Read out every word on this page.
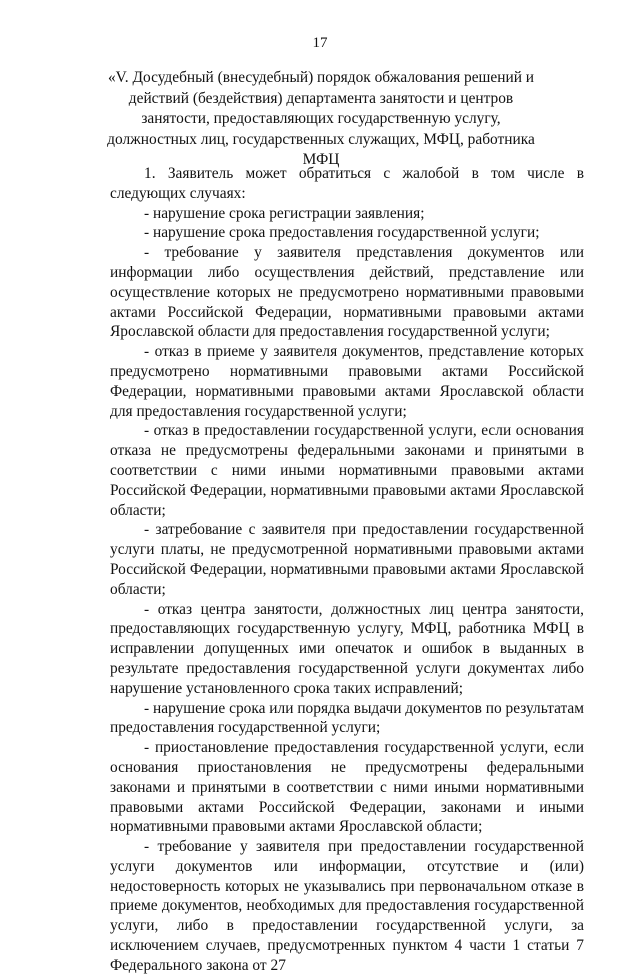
17
«V. Досудебный (внесудебный) порядок обжалования решений и действий (бездействия) департамента занятости и центров занятости, предоставляющих государственную услугу, должностных лиц, государственных служащих, МФЦ, работника МФЦ

1. Заявитель может обратиться с жалобой в том числе в следующих случаях:

- нарушение срока регистрации заявления;

- нарушение срока предоставления государственной услуги;

- требование у заявителя представления документов или информации либо осуществления действий, представление или осуществление которых не предусмотрено нормативными правовыми актами Российской Федерации, нормативными правовыми актами Ярославской области для предоставления государственной услуги;

- отказ в приеме у заявителя документов, представление которых предусмотрено нормативными правовыми актами Российской Федерации, нормативными правовыми актами Ярославской области для предоставления государственной услуги;

- отказ в предоставлении государственной услуги, если основания отказа не предусмотрены федеральными законами и принятыми в соответствии с ними иными нормативными правовыми актами Российской Федерации, нормативными правовыми актами Ярославской области;

- затребование с заявителя при предоставлении государственной услуги платы, не предусмотренной нормативными правовыми актами Российской Федерации, нормативными правовыми актами Ярославской области;

- отказ центра занятости, должностных лиц центра занятости, предоставляющих государственную услугу, МФЦ, работника МФЦ в исправлении допущенных ими опечаток и ошибок в выданных в результате предоставления государственной услуги документах либо нарушение установленного срока таких исправлений;

- нарушение срока или порядка выдачи документов по результатам предоставления государственной услуги;

- приостановление предоставления государственной услуги, если основания приостановления не предусмотрены федеральными законами и принятыми в соответствии с ними иными нормативными правовыми актами Российской Федерации, законами и иными нормативными правовыми актами Ярославской области;

- требование у заявителя при предоставлении государственной услуги документов или информации, отсутствие и (или) недостоверность которых не указывались при первоначальном отказе в приеме документов, необходимых для предоставления государственной услуги, либо в предоставлении государственной услуги, за исключением случаев, предусмотренных пунктом 4 части 1 статьи 7 Федерального закона от 27
